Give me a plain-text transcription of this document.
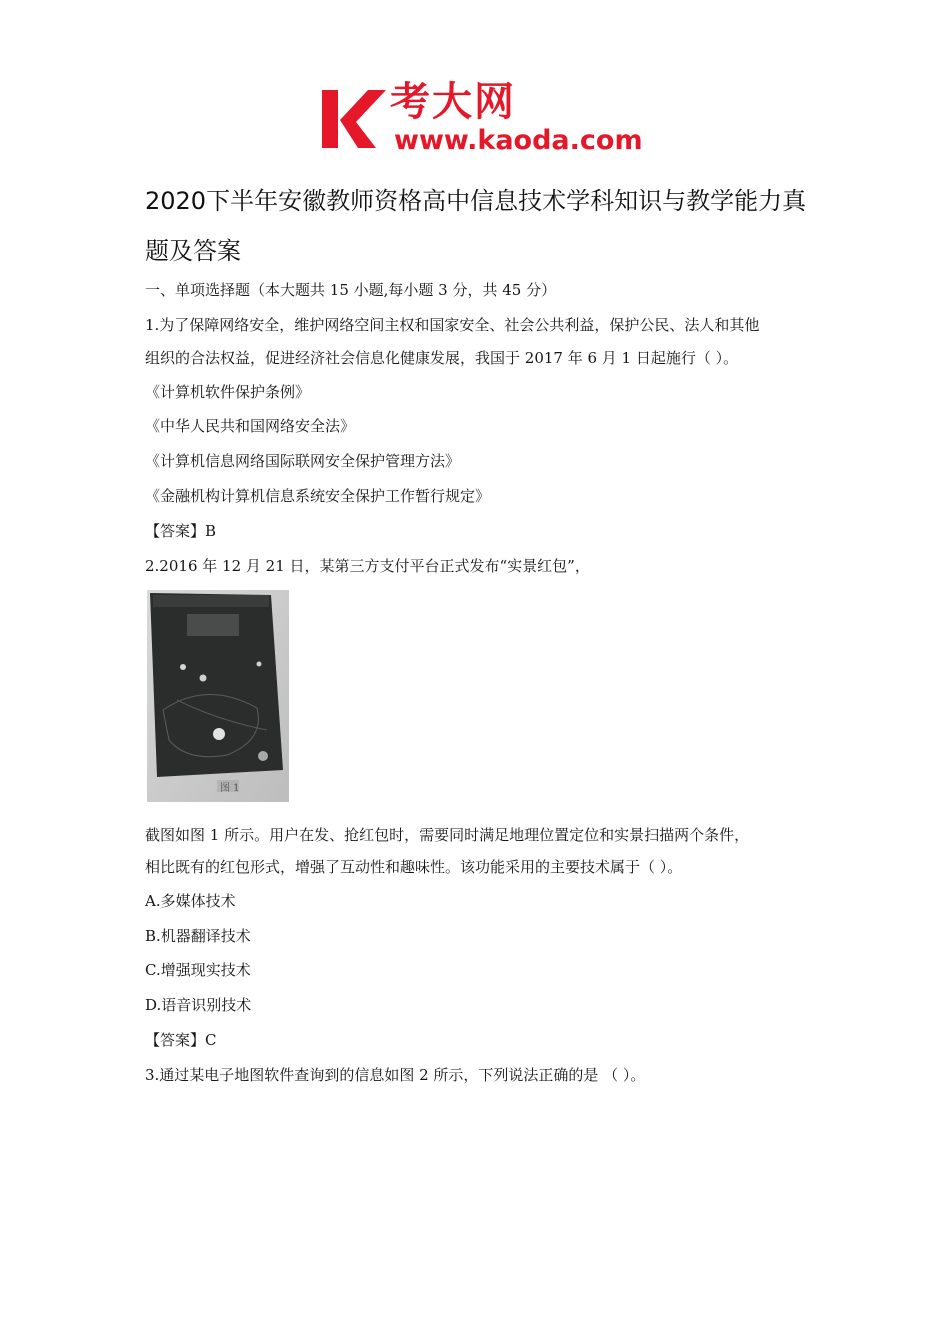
考大网
www.kaoda.com
2020下半年安徽教师资格高中信息技术学科知识与教学能力真题及答案
一、单项选择题（本大题共 15 小题,每小题 3 分，共 45 分）
1.为了保障网络安全，维护网络空间主权和国家安全、社会公共利益，保护公民、法人和其他
组织的合法权益，促进经济社会信息化健康发展，我国于 2017 年 6 月 1 日起施行（ ）。
《计算机软件保护条例》
《中华人民共和国网络安全法》
《计算机信息网络国际联网安全保护管理方法》
《金融机构计算机信息系统安全保护工作暂行规定》
【答案】B
2.2016 年 12 月 21 日，某第三方支付平台正式发布“实景红包”，
图 1
截图如图 1 所示。用户在发、抢红包时，需要同时满足地理位置定位和实景扫描两个条件，
相比既有的红包形式，增强了互动性和趣味性。该功能采用的主要技术属于（ ）。
A.多媒体技术
B.机器翻译技术
C.增强现实技术
D.语音识别技术
【答案】C
3.通过某电子地图软件查询到的信息如图 2 所示，下列说法正确的是 （ ）。
